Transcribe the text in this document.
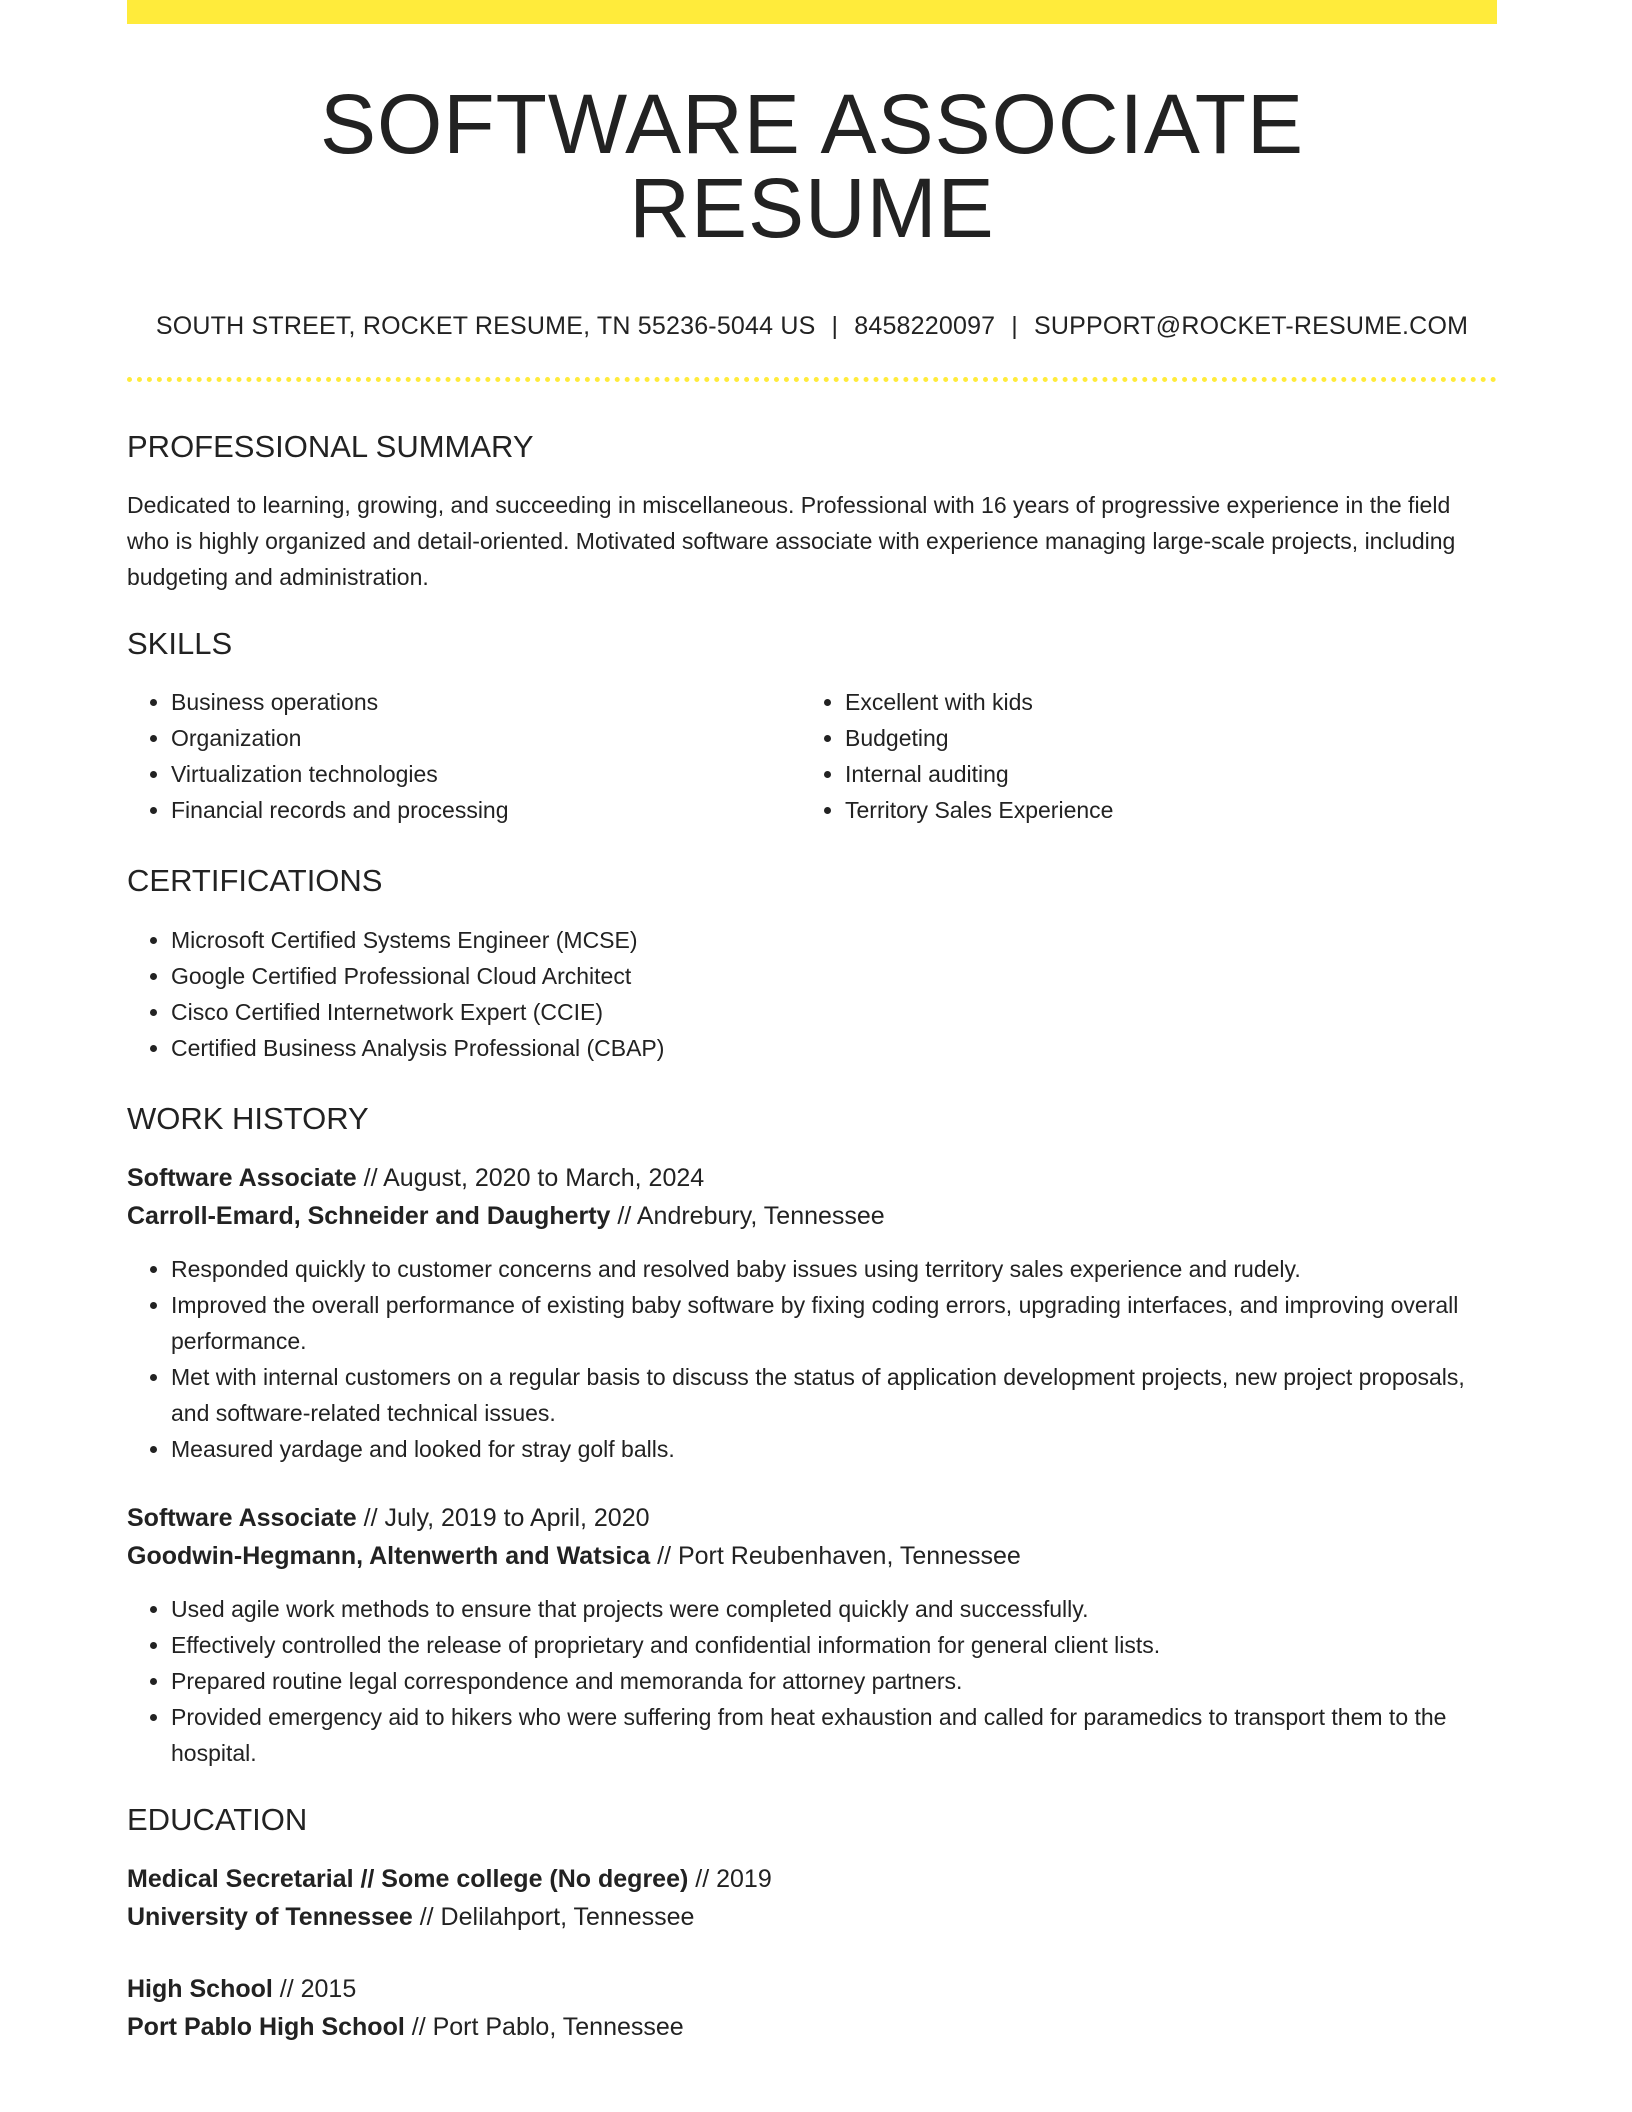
SOFTWARE ASSOCIATE RESUME
SOUTH STREET, ROCKET RESUME, TN 55236-5044 US | 8458220097 | SUPPORT@ROCKET-RESUME.COM
PROFESSIONAL SUMMARY

Dedicated to learning, growing, and succeeding in miscellaneous. Professional with 16 years of progressive experience in the field who is highly organized and detail-oriented. Motivated software associate with experience managing large-scale projects, including budgeting and administration.

SKILLS
• Business operations
• Organization
• Virtualization technologies
• Financial records and processing
• Excellent with kids
• Budgeting
• Internal auditing
• Territory Sales Experience
CERTIFICATIONS
• Microsoft Certified Systems Engineer (MCSE)
• Google Certified Professional Cloud Architect
• Cisco Certified Internetwork Expert (CCIE)
• Certified Business Analysis Professional (CBAP)
WORK HISTORY
Software Associate // August, 2020 to March, 2024
Carroll-Emard, Schneider and Daugherty // Andrebury, Tennessee
• Responded quickly to customer concerns and resolved baby issues using territory sales experience and rudely.
• Improved the overall performance of existing baby software by fixing coding errors, upgrading interfaces, and improving overall performance.
• Met with internal customers on a regular basis to discuss the status of application development projects, new project proposals, and software-related technical issues.
• Measured yardage and looked for stray golf balls.
Software Associate // July, 2019 to April, 2020
Goodwin-Hegmann, Altenwerth and Watsica // Port Reubenhaven, Tennessee
• Used agile work methods to ensure that projects were completed quickly and successfully.
• Effectively controlled the release of proprietary and confidential information for general client lists.
• Prepared routine legal correspondence and memoranda for attorney partners.
• Provided emergency aid to hikers who were suffering from heat exhaustion and called for paramedics to transport them to the hospital.
EDUCATION
Medical Secretarial // Some college (No degree) // 2019
University of Tennessee // Delilahport, Tennessee
High School // 2015
Port Pablo High School // Port Pablo, Tennessee
